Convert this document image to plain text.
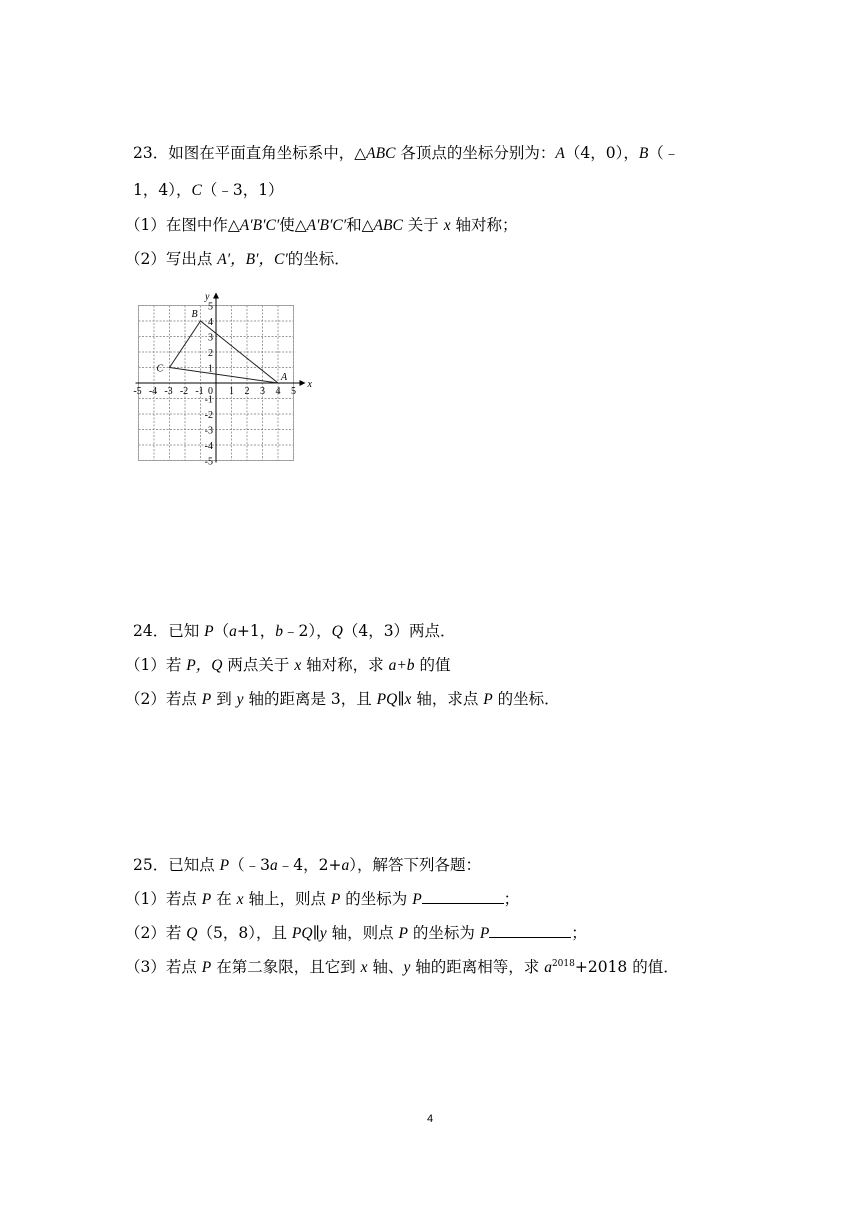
23．如图在平面直角坐标系中，△ABC 各顶点的坐标分别为：A（4，0），B（﹣
1，4），C（﹣3，1）
（1）在图中作△A′B′C′使△A′B′C′和△ABC 关于 x 轴对称；
（2）写出点 A′，B′，C′的坐标．
-5 -4 -3 -2 -1	1 2 3 4 5
5
4
3
2
1
-1
-2
-3
-4
-5
0
x
y
A
B
C
24．已知 P（a+1，b﹣2），Q（4，3）两点．
（1）若 P，Q 两点关于 x 轴对称，求 a+b 的值
（2）若点 P 到 y 轴的距离是 3，且 PQ∥x 轴，求点 P 的坐标．
25．已知点 P（﹣3a﹣4，2+a），解答下列各题：
（1）若点 P 在 x 轴上，则点 P 的坐标为 P	；
（2）若 Q（5，8），且 PQ∥y 轴，则点 P 的坐标为 P	；
（3）若点 P 在第二象限，且它到 x 轴、y 轴的距离相等，求 $a^{2018}+2018$ 的值．
4
